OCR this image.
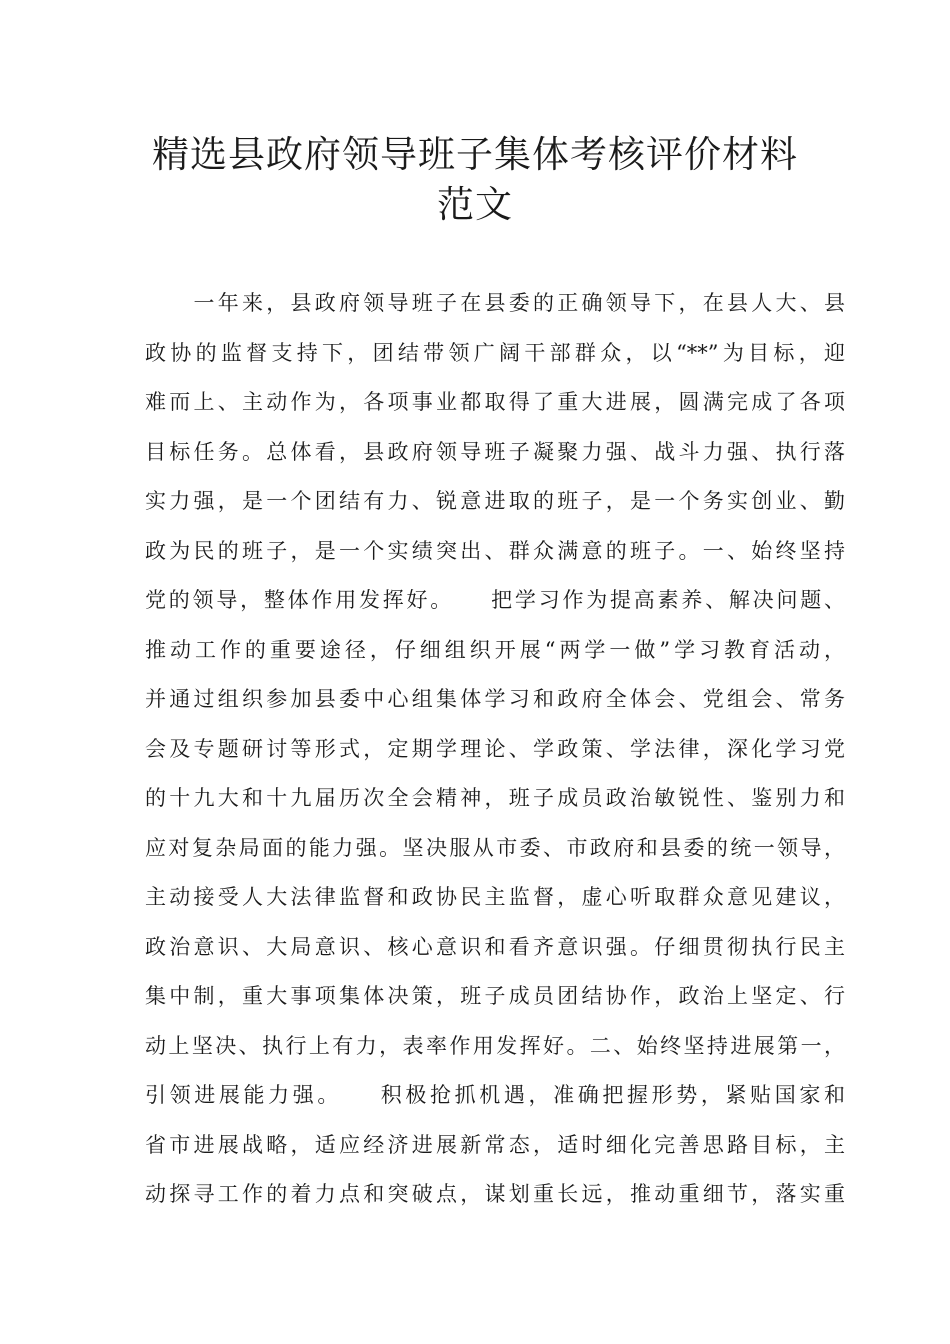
精选县政府领导班子集体考核评价材料
范文
　　一年来，县政府领导班子在县委的正确领导下，在县人大、县
政协的监督支持下，团结带领广阔干部群众，以“**”为目标，迎
难而上、主动作为，各项事业都取得了重大进展，圆满完成了各项
目标任务。总体看，县政府领导班子凝聚力强、战斗力强、执行落
实力强，是一个团结有力、锐意进取的班子，是一个务实创业、勤
政为民的班子，是一个实绩突出、群众满意的班子。一、始终坚持
党的领导，整体作用发挥好。　　把学习作为提高素养、解决问题、
推动工作的重要途径，仔细组织开展“两学一做”学习教育活动，
并通过组织参加县委中心组集体学习和政府全体会、党组会、常务
会及专题研讨等形式，定期学理论、学政策、学法律，深化学习党
的十九大和十九届历次全会精神，班子成员政治敏锐性、鉴别力和
应对复杂局面的能力强。坚决服从市委、市政府和县委的统一领导，
主动接受人大法律监督和政协民主监督，虚心听取群众意见建议，
政治意识、大局意识、核心意识和看齐意识强。仔细贯彻执行民主
集中制，重大事项集体决策，班子成员团结协作，政治上坚定、行
动上坚决、执行上有力，表率作用发挥好。二、始终坚持进展第一，
引领进展能力强。　　积极抢抓机遇，准确把握形势，紧贴国家和
省市进展战略，适应经济进展新常态，适时细化完善思路目标，主
动探寻工作的着力点和突破点，谋划重长远，推动重细节，落实重
